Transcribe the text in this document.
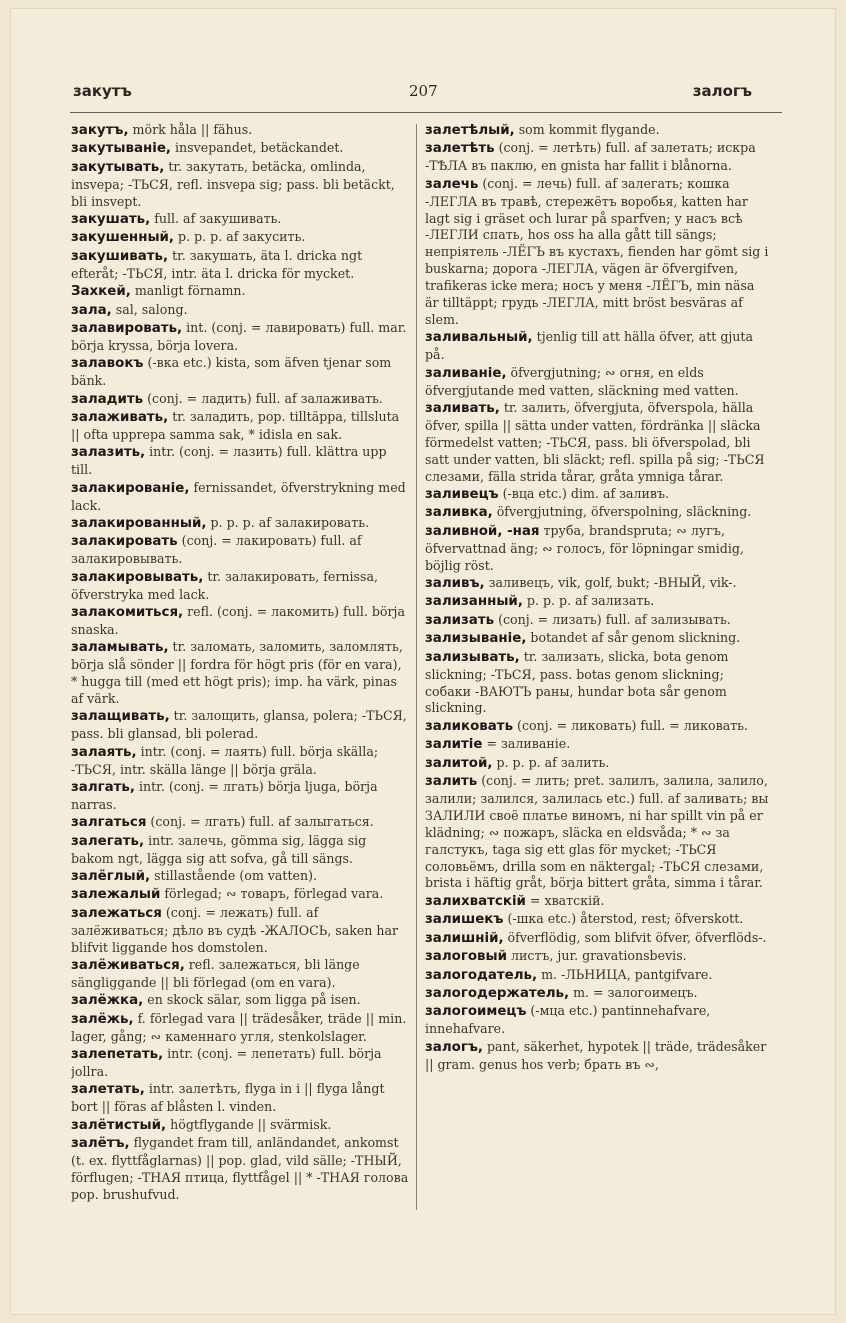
закутъ	207	залогъ
закутъ, mörk håla || fähus.
закутываніе, insvepandet, betäckandet.
закутывать, tr. закутать, betäcka, omlinda, insvepa; -ТЬСЯ, refl. insvepa sig; pass. bli betäckt, bli insvept.
закушать, full. af закушивать.
закушенный, p. p. p. af закусить.
закушивать, tr. закушать, äta l. dricka ngt efteråt; -ТЬСЯ, intr. äta l. dricka för mycket.
Захкей, manligt förnamn.
зала, sal, salong.
залавировать, int. (conj. = лавировать) full. mar. börja kryssa, börja lovera.
залавокъ (-вка etc.) kista, som äfven tjenar som bänk.
заладить (conj. = ладить) full. af залаживать.
залаживать, tr. заладить, pop. tilltäppa, tillsluta || ofta upprepa samma sak, * idisla en sak.
залазить, intr. (conj. = лазить) full. klättra upp till.
залакированіе, fernissandet, öfverstrykning med lack.
залакированный, p. p. p. af залакировать.
залакировать (conj. = лакировать) full. af залакировывать.
залакировывать, tr. залакировать, fernissa, öfverstryka med lack.
залакомиться, refl. (conj. = лакомить) full. börja snaska.
заламывать, tr. заломать, заломить, заломлять, börja slå sönder || fordra för högt pris (för en vara), * hugga till (med ett högt pris); imp. ha värk, pinas af värk.
залащивать, tr. залощить, glansa, polera; -ТЬСЯ, pass. bli glansad, bli polerad.
залаять, intr. (conj. = лаять) full. börja skälla; -ТЬСЯ, intr. skälla länge || börja gräla.
залгать, intr. (conj. = лгать) börja ljuga, börja narras.
залгаться (conj. = лгать) full. af залыгаться.
залегать, intr. залечь, gömma sig, lägga sig bakom ngt, lägga sig att sofva, gå till sängs.
залёглый, stillastående (om vatten).
залежалый förlegad; ∾ товаръ, förlegad vara.
залежаться (conj. = лежать) full. af залёживаться; дѣло въ судѣ -ЖАЛОСЬ, saken har blifvit liggande hos domstolen.
залёживаться, refl. залежаться, bli länge sängliggande || bli förlegad (om en vara).
залёжка, en skock sälar, som ligga på isen.
залёжь, f. förlegad vara || trädesåker, träde || min. lager, gång; ∾ каменнаго угля, stenkolslager.
залепетать, intr. (conj. = лепетать) full. börja jollra.
залетать, intr. залетѣть, flyga in i || flyga långt bort || föras af blåsten l. vinden.
залётистый, högtflygande || svärmisk.
залётъ, flygandet fram till, anländandet, ankomst (t. ex. flyttfåglarnas) || pop. glad, vild sälle; -ТНЫЙ, förflugen; -ТНАЯ птица, flyttfågel || * -ТНАЯ голова pop. brushufvud.
залетѣлый, som kommit flygande.
залетѣть (conj. = летѣть) full. af залетать; искра -ТѢЛА въ паклю, en gnista har fallit i blånorna.
залечь (conj. = лечь) full. af залегать; кошка -ЛЕГЛА въ травѣ, стережётъ воробья, katten har lagt sig i gräset och lurar på sparfven; у насъ всѣ -ЛЕГЛИ спать, hos oss ha alla gått till sängs; непріятель -ЛЁГЪ въ кустахъ, fienden har gömt sig i buskarna; дорога -ЛЕГЛА, vägen är öfvergifven, trafikeras icke mera; носъ у меня -ЛЁГЪ, min näsa är tilltäppt; грудь -ЛЕГЛА, mitt bröst besväras af slem.
заливальный, tjenlig till att hälla öfver, att gjuta på.
заливаніе, öfvergjutning; ∾ огня, en elds öfvergjutande med vatten, släckning med vatten.
заливать, tr. залить, öfvergjuta, öfverspola, hälla öfver, spilla || sätta under vatten, fördränka || släcka förmedelst vatten; -ТЬСЯ, pass. bli öfverspolad, bli satt under vatten, bli släckt; refl. spilla på sig; -ТЬСЯ слезами, fälla strida tårar, gråta ymniga tårar.
заливецъ (-вца etc.) dim. af заливъ.
заливка, öfvergjutning, öfverspolning, släckning.
заливной, -ная труба, brandspruta; ∾ лугъ, öfvervattnad äng; ∾ голосъ, för löpningar smidig, böjlig röst.
заливъ, заливецъ, vik, golf, bukt; -ВНЫЙ, vik-.
зализанный, p. p. p. af зализать.
зализать (conj. = лизать) full. af зализывать.
зализываніе, botandet af sår genom slickning.
зализывать, tr. зализать, slicka, bota genom slickning; -ТЬСЯ, pass. botas genom slickning; собаки -ВАЮТЪ раны, hundar bota sår genom slickning.
заликовать (conj. = ликовать) full. = ликовать.
залитіе = заливаніе.
залитой, p. p. p. af залить.
залить (conj. = лить; pret. залилъ, залила, залило, залили; залился, залилась etc.) full. af заливать; вы ЗАЛИЛИ своё платье виномъ, ni har spillt vin på er klädning; ∾ пожаръ, släcka en eldsvåda; * ∾ за галстукъ, taga sig ett glas för mycket; -ТЬСЯ соловьёмъ, drilla som en näktergal; -ТЬСЯ слезами, brista i häftig gråt, börja bittert gråta, simma i tårar.
залихватскій = хватскій.
залишекъ (-шка etc.) återstod, rest; öfverskott.
залишній, öfverflödig, som blifvit öfver, öfverflöds-.
залоговый листъ, jur. gravationsbevis.
залогодатель, m. -ЛЬНИЦА, pantgifvare.
залогодержатель, m. = залогоимецъ.
залогоимецъ (-мца etc.) pantinnehafvare, innehafvare.
залогъ, pant, säkerhet, hypotek || träde, trädesåker || gram. genus hos verb; брать въ ∾,
